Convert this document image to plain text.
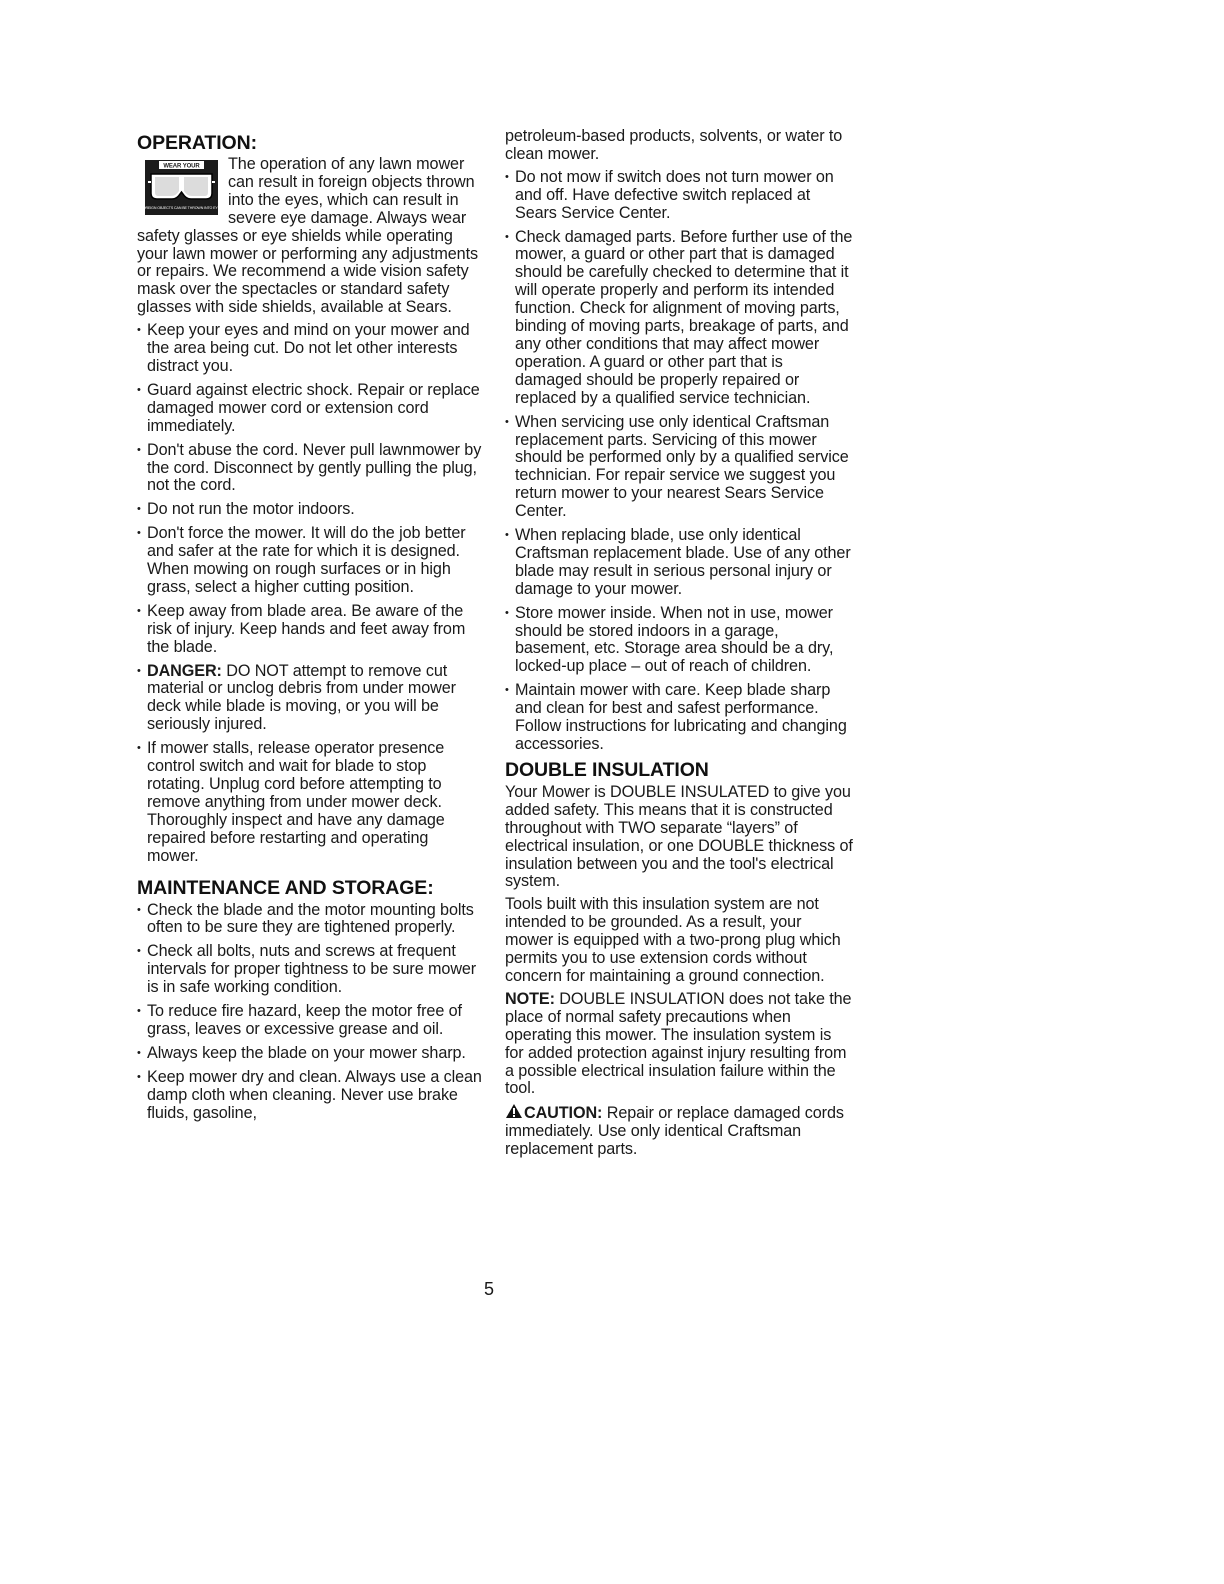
OPERATION:
WEAR YOUR
FOREIGN OBJECTS CAN BE THROWN INTO EYES

The operation of any lawn mower can result in foreign objects thrown into the eyes, which can result in severe eye damage. Always wear safety glasses or eye shields while operating your lawn mower or performing any adjustments or repairs. We recommend a wide vision safety mask over the spectacles or standard safety glasses with side shields, available at Sears.

• Keep your eyes and mind on your mower and the area being cut. Do not let other interests distract you.
• Guard against electric shock. Repair or replace damaged mower cord or extension cord immediately.
• Don't abuse the cord. Never pull lawnmower by the cord. Disconnect by gently pulling the plug, not the cord.
• Do not run the motor indoors.
• Don't force the mower. It will do the job better and safer at the rate for which it is designed. When mowing on rough surfaces or in high grass, select a higher cutting position.
• Keep away from blade area. Be aware of the risk of injury. Keep hands and feet away from the blade.
• DANGER: DO NOT attempt to remove cut material or unclog debris from under mower deck while blade is moving, or you will be seriously injured.
• If mower stalls, release operator presence control switch and wait for blade to stop rotating. Unplug cord before attempting to remove anything from under mower deck. Thoroughly inspect and have any damage repaired before restarting and operating mower.
MAINTENANCE AND STORAGE:
• Check the blade and the motor mounting bolts often to be sure they are tightened properly.
• Check all bolts, nuts and screws at frequent intervals for proper tightness to be sure mower is in safe working condition.
• To reduce fire hazard, keep the motor free of grass, leaves or excessive grease and oil.
• Always keep the blade on your mower sharp.
• Keep mower dry and clean. Always use a clean damp cloth when cleaning. Never use brake fluids, gasoline,

petroleum-based products, solvents, or water to clean mower.

• Do not mow if switch does not turn mower on and off. Have defective switch replaced at Sears Service Center.
• Check damaged parts. Before further use of the mower, a guard or other part that is damaged should be carefully checked to determine that it will operate properly and perform its intended function. Check for alignment of moving parts, binding of moving parts, breakage of parts, and any other conditions that may affect mower operation. A guard or other part that is damaged should be properly repaired or replaced by a qualified service technician.
• When servicing use only identical Craftsman replacement parts. Servicing of this mower should be performed only by a qualified service technician. For repair service we suggest you return mower to your nearest Sears Service Center.
• When replacing blade, use only identical Craftsman replacement blade. Use of any other blade may result in serious personal injury or damage to your mower.
• Store mower inside. When not in use, mower should be stored indoors in a garage, basement, etc. Storage area should be a dry, locked-up place – out of reach of children.
• Maintain mower with care. Keep blade sharp and clean for best and safest performance. Follow instructions for lubricating and changing accessories.
DOUBLE INSULATION

Your Mower is DOUBLE INSULATED to give you added safety. This means that it is constructed throughout with TWO separate “layers” of electrical insulation, or one DOUBLE thickness of insulation between you and the tool's electrical system.

Tools built with this insulation system are not intended to be grounded. As a result, your mower is equipped with a two-prong plug which permits you to use extension cords without concern for maintaining a ground connection.

NOTE: DOUBLE INSULATION does not take the place of normal safety precautions when operating this mower. The insulation system is for added protection against injury resulting from a possible electrical insulation failure within the tool.

CAUTION: Repair or replace damaged cords immediately. Use only identical Craftsman replacement parts.

5
